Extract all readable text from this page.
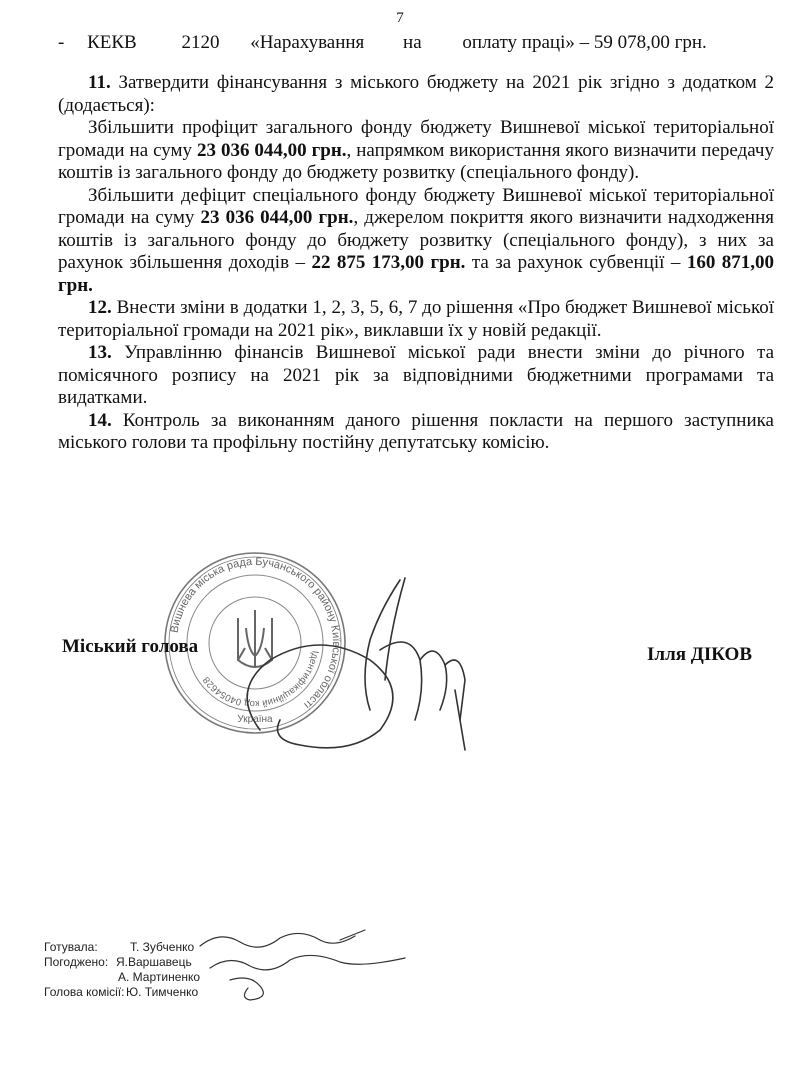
7
- КЕКВ 2120 «Нарахування на оплату праці» – 59 078,00 грн.

11. Затвердити фінансування з міського бюджету на 2021 рік згідно з додатком 2 (додається):

Збільшити профіцит загального фонду бюджету Вишневої міської територіальної громади на суму 23 036 044,00 грн., напрямком використання якого визначити передачу коштів із загального фонду до бюджету розвитку (спеціального фонду).

Збільшити дефіцит спеціального фонду бюджету Вишневої міської територіальної громади на суму 23 036 044,00 грн., джерелом покриття якого визначити надходження коштів із загального фонду до бюджету розвитку (спеціального фонду), з них за рахунок збільшення доходів – 22 875 173,00 грн. та за рахунок субвенції – 160 871,00 грн.

12. Внести зміни в додатки 1, 2, 3, 5, 6, 7 до рішення «Про бюджет Вишневої міської територіальної громади на 2021 рік», виклавши їх у новій редакції.

13. Управлінню фінансів Вишневої міської ради внести зміни до річного та помісячного розпису на 2021 рік за відповідними бюджетними програмами та видатками.

14. Контроль за виконанням даного рішення покласти на першого заступника міського голови та профільну постійну депутатську комісію.

Вишнева міська рада Бучанського району Київської області
Ідентифікаційний код 04054628
Україна
Міський голова	Ілля ДІКОВ
Готувала:	Т. Зубченко
Погоджено: Я.Варшавець
А. Мартиненко
Голова комісії: Ю. Тимченко
